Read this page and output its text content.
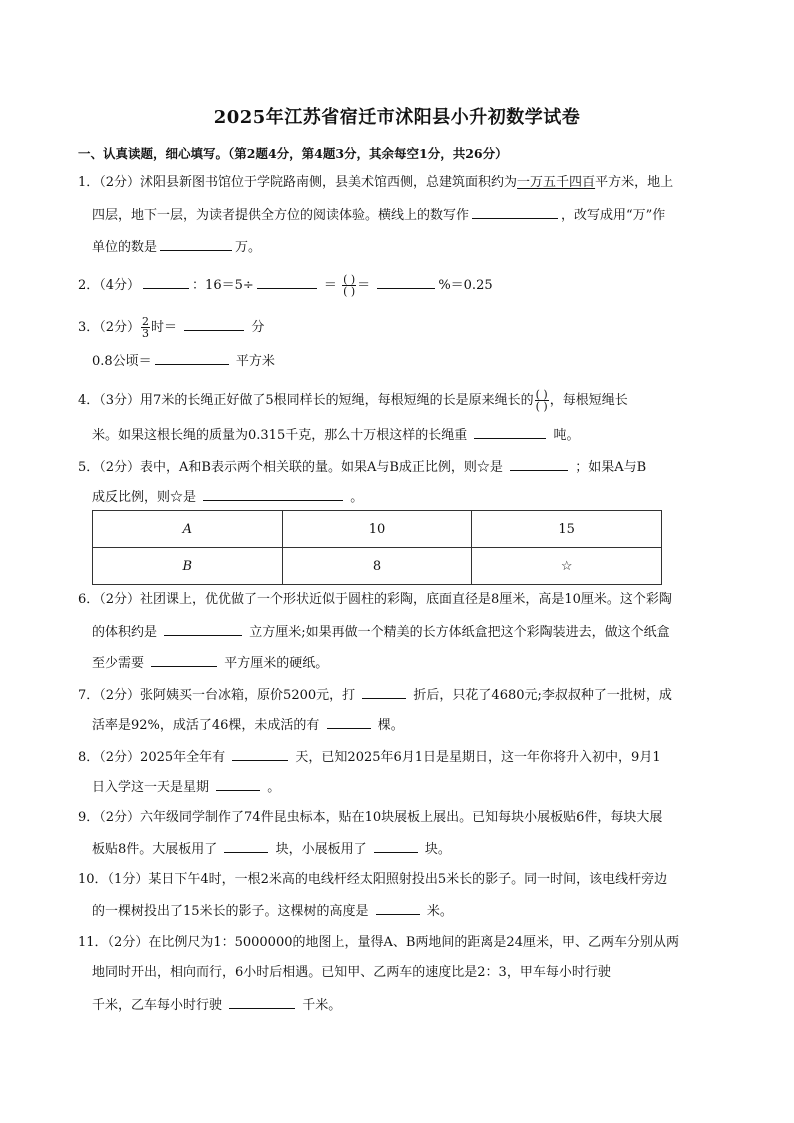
2025年江苏省宿迁市沭阳县小升初数学试卷
一、认真读题，细心填写。（第2题4分，第4题3分，其余每空1分，共26分）
1．（2分）沭阳县新图书馆位于学院路南侧，县美术馆西侧，总建筑面积约为一万五千四百平方米，地上
四层，地下一层，为读者提供全方位的阅读体验。横线上的数写作	，改写成用“万”作
单位的数是	万。
2．（4分）	：16＝5÷	＝ $\frac{( )}{( )}$ ＝	%＝0.25
3．（2分） $\frac{2}{3}$ 时＝	分
0.8公顷＝	平方米
4．（3分）用7米的长绳正好做了5根同样长的短绳，每根短绳的长是原来绳长的 $\frac{( )}{( )}$ ，每根短绳长
米。如果这根长绳的质量为0.315千克，那么十万根这样的长绳重	吨。
5．（2分）表中，A和B表示两个相关联的量。如果A与B成正比例，则☆是	；如果A与B
成反比例，则☆是	。
A	10	15
B	8	☆
6．（2分）社团课上，优优做了一个形状近似于圆柱的彩陶，底面直径是8厘米，高是10厘米。这个彩陶
的体积约是	立方厘米;如果再做一个精美的长方体纸盒把这个彩陶装进去，做这个纸盒
至少需要	平方厘米的硬纸。
7．（2分）张阿姨买一台冰箱，原价5200元，打	折后，只花了4680元;李叔叔种了一批树，成
活率是92%，成活了46棵，未成活的有	棵。
8．（2分）2025年全年有	天，已知2025年6月1日是星期日，这一年你将升入初中，9月1
日入学这一天是星期	。
9．（2分）六年级同学制作了74件昆虫标本，贴在10块展板上展出。已知每块小展板贴6件，每块大展
板贴8件。大展板用了	块，小展板用了	块。
10．（1分）某日下午4时，一根2米高的电线杆经太阳照射投出5米长的影子。同一时间，该电线杆旁边
的一棵树投出了15米长的影子。这棵树的高度是	米。
11．（2分）在比例尺为1：5000000的地图上，量得A、B两地间的距离是24厘米，甲、乙两车分别从两
地同时开出，相向而行，6小时后相遇。已知甲、乙两车的速度比是2：3，甲车每小时行驶
千米，乙车每小时行驶	千米。
